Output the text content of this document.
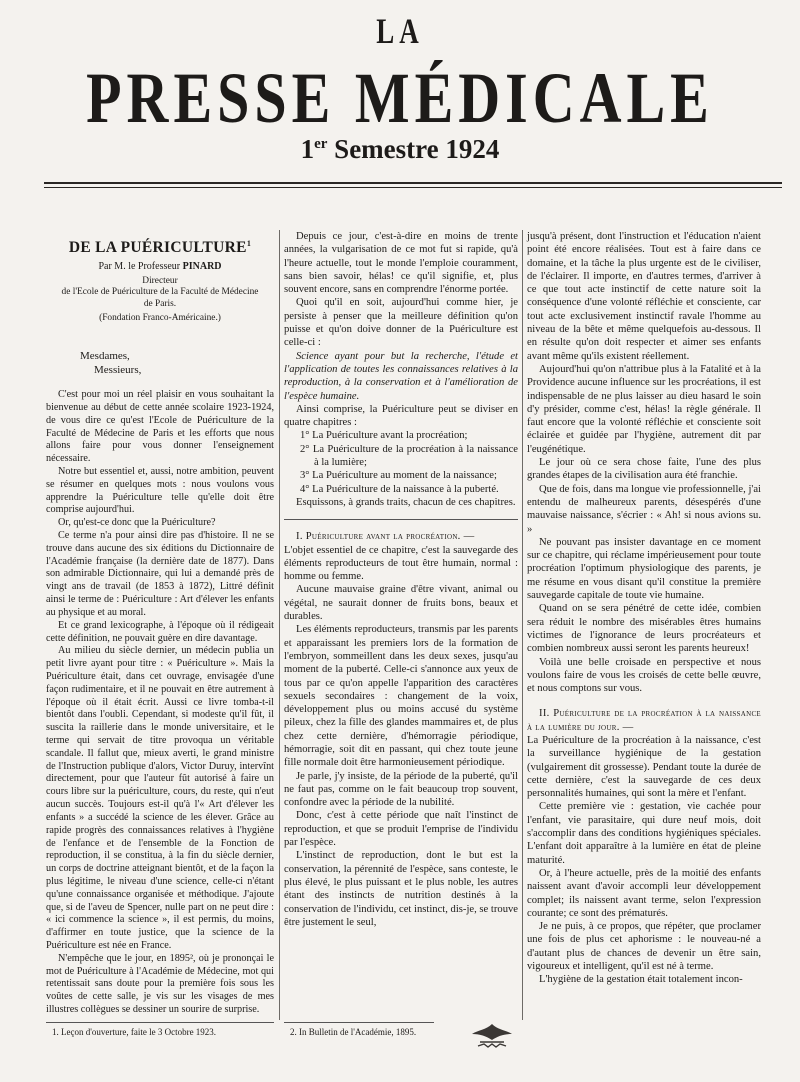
LA
PRESSE MÉDICALE
1er Semestre 1924
DE LA PUÉRICULTURE$^1$
Par M. le Professeur PINARD
Directeur
de l'Ecole de Puériculture de la Faculté de Médecine
de Paris.
(Fondation Franco-Américaine.)

Mesdames,

Messieurs,

C'est pour moi un réel plaisir en vous souhaitant la bienvenue au début de cette année scolaire 1923-1924, de vous dire ce qu'est l'Ecole de Puériculture de la Faculté de Médecine de Paris et les efforts que nous allons faire pour vous donner l'enseignement nécessaire.

Notre but essentiel et, aussi, notre ambition, peuvent se résumer en quelques mots : nous voulons vous apprendre la Puériculture telle qu'elle doit être comprise aujourd'hui.

Or, qu'est-ce donc que la Puériculture?

Ce terme n'a pour ainsi dire pas d'histoire. Il ne se trouve dans aucune des six éditions du Dictionnaire de l'Académie française (la dernière date de 1877). Dans son admirable Dictionnaire, qui lui a demandé près de vingt ans de travail (de 1853 à 1872), Littré définit ainsi le terme de : Puériculture : Art d'élever les enfants au physique et au moral.

Et ce grand lexicographe, à l'époque où il rédigeait cette définition, ne pouvait guère en dire davantage.

Au milieu du siècle dernier, un médecin publia un petit livre ayant pour titre : « Puériculture ». Mais la Puériculture était, dans cet ouvrage, envisagée d'une façon rudimentaire, et il ne pouvait en être autrement à l'époque où il était écrit. Aussi ce livre tomba-t-il bientôt dans l'oubli. Cependant, si modeste qu'il fût, il suscita la raillerie dans le monde universitaire, et le terme qui servait de titre provoqua un véritable scandale. Il fallut que, mieux averti, le grand ministre de l'Instruction publique d'alors, Victor Duruy, intervînt directement, pour que l'auteur fût autorisé à faire un cours libre sur la puériculture, cours, du reste, qui n'eut aucun succès. Toujours est-il qu'à l'« Art d'élever les enfants » a succédé la science de les élever. Grâce au rapide progrès des connaissances relatives à l'hygiène de l'enfance et de l'ensemble de la Fonction de reproduction, il se constitua, à la fin du siècle dernier, un corps de doctrine atteignant bientôt, et de la façon la plus légitime, le niveau d'une science, celle-ci n'étant qu'une connaissance organisée et méthodique. J'ajoute que, si de l'aveu de Spencer, nulle part on ne peut dire : « ici commence la science », il est permis, du moins, d'affirmer en toute justice, que la science de la Puériculture est née en France.

N'empêche que le jour, en 1895², où je prononçai le mot de Puériculture à l'Académie de Médecine, mot qui retentissait sans doute pour la première fois sous les voûtes de cette salle, je vis sur les visages de mes illustres collègues se dessiner un sourire de surprise.

Depuis ce jour, c'est-à-dire en moins de trente années, la vulgarisation de ce mot fut si rapide, qu'à l'heure actuelle, tout le monde l'emploie couramment, sans bien savoir, hélas! ce qu'il signifie, et, plus souvent encore, sans en comprendre l'énorme portée.

Quoi qu'il en soit, aujourd'hui comme hier, je persiste à penser que la meilleure définition qu'on puisse et qu'on doive donner de la Puériculture est celle-ci :

Science ayant pour but la recherche, l'étude et l'application de toutes les connaissances relatives à la reproduction, à la conservation et à l'amélioration de l'espèce humaine.

Ainsi comprise, la Puériculture peut se diviser en quatre chapitres :

1° La Puériculture avant la procréation;

2° La Puériculture de la procréation à la naissance à la lumière;

3° La Puériculture au moment de la naissance;

4° La Puériculture de la naissance à la puberté.

Esquissons, à grands traits, chacun de ces chapitres.

I. Puériculture avant la procréation. —

L'objet essentiel de ce chapitre, c'est la sauvegarde des éléments reproducteurs de tout être humain, normal : homme ou femme.

Aucune mauvaise graine d'être vivant, animal ou végétal, ne saurait donner de fruits bons, beaux et durables.

Les éléments reproducteurs, transmis par les parents et apparaissant les premiers lors de la formation de l'embryon, sommeillent dans les deux sexes, jusqu'au moment de la puberté. Celle-ci s'annonce aux yeux de tous par ce qu'on appelle l'apparition des caractères sexuels secondaires : changement de la voix, développement plus ou moins accusé du système pileux, chez la fille des glandes mammaires et, de plus chez cette dernière, d'hémorragie périodique, hémorragie, soit dit en passant, qui chez toute jeune fille normale doit être harmonieusement périodique.

Je parle, j'y insiste, de la période de la puberté, qu'il ne faut pas, comme on le fait beaucoup trop souvent, confondre avec la période de la nubilité.

Donc, c'est à cette période que naît l'instinct de reproduction, et que se produit l'emprise de l'individu par l'espèce.

L'instinct de reproduction, dont le but est la conservation, la pérennité de l'espèce, sans conteste, le plus élevé, le plus puissant et le plus noble, les autres étant des instincts de nutrition destinés à la conservation de l'individu, cet instinct, dis-je, se trouve être justement le seul,

jusqu'à présent, dont l'instruction et l'éducation n'aient point été encore réalisées. Tout est à faire dans ce domaine, et la tâche la plus urgente est de le civiliser, de l'éclairer. Il importe, en d'autres termes, d'arriver à ce que tout acte instinctif de cette nature soit la conséquence d'une volonté réfléchie et consciente, car tout acte exclusivement instinctif ravale l'homme au niveau de la bête et même quelquefois au-dessous. Il en résulte qu'on doit respecter et aimer ses enfants avant même qu'ils existent réellement.

Aujourd'hui qu'on n'attribue plus à la Fatalité et à la Providence aucune influence sur les procréations, il est indispensable de ne plus laisser au dieu hasard le soin d'y présider, comme c'est, hélas! la règle générale. Il faut encore que la volonté réfléchie et consciente soit éclairée et guidée par l'hygiène, autrement dit par l'eugénétique.

Le jour où ce sera chose faite, l'une des plus grandes étapes de la civilisation aura été franchie.

Que de fois, dans ma longue vie professionnelle, j'ai entendu de malheureux parents, désespérés d'une mauvaise naissance, s'écrier : « Ah! si nous avions su. »

Ne pouvant pas insister davantage en ce moment sur ce chapitre, qui réclame impérieusement pour toute procréation l'optimum physiologique des parents, je me résume en vous disant qu'il constitue la première sauvegarde capitale de toute vie humaine.

Quand on se sera pénétré de cette idée, combien sera réduit le nombre des misérables êtres humains victimes de l'ignorance de leurs procréateurs et combien nombreux aussi seront les parents heureux!

Voilà une belle croisade en perspective et nous voulons faire de vous les croisés de cette belle œuvre, et nous comptons sur vous.

II. Puériculture de la procréation à la naissance à la lumière du jour. —

La Puériculture de la procréation à la naissance, c'est la surveillance hygiénique de la gestation (vulgairement dit grossesse). Pendant toute la durée de cette dernière, c'est la sauvegarde de ces deux personnalités humaines, qui sont la mère et l'enfant.

Cette première vie : gestation, vie cachée pour l'enfant, vie parasitaire, qui dure neuf mois, doit s'accomplir dans des conditions hygiéniques spéciales. L'enfant doit apparaître à la lumière en état de pleine maturité.

Or, à l'heure actuelle, près de la moitié des enfants naissent avant d'avoir accompli leur développement complet; ils naissent avant terme, selon l'expression courante; ce sont des prématurés.

Je ne puis, à ce propos, que répéter, que proclamer une fois de plus cet aphorisme : le nouveau-né a d'autant plus de chances de devenir un être sain, vigoureux et intelligent, qu'il est né à terme.

L'hygiène de la gestation était totalement incon-

1. Leçon d'ouverture, faite le 3 Octobre 1923.	2. In Bulletin de l'Académie, 1895.
